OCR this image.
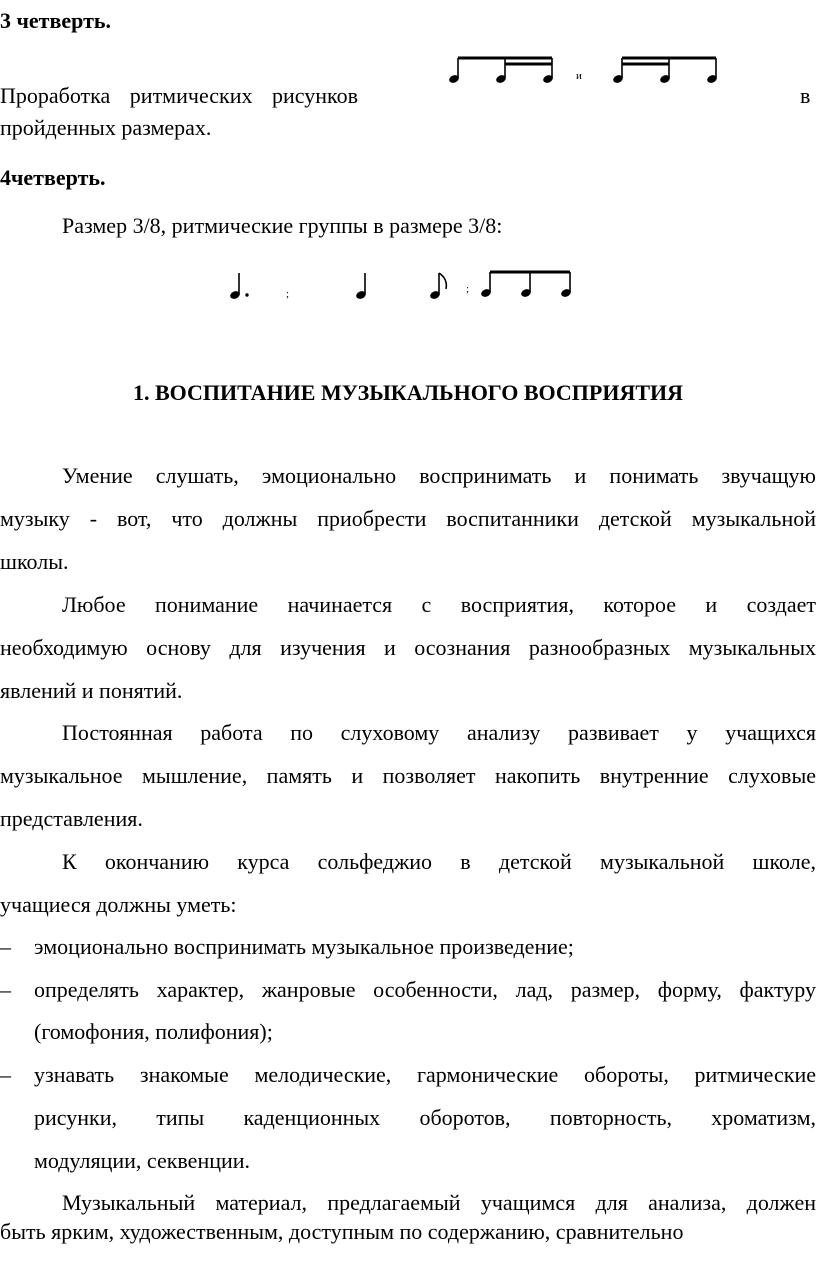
3 четверть.

Проработка ритмических рисунков

и

в

пройденных размерах.

4четверть.

Размер 3/8, ритмические группы в размере 3/8:

;	;

1. ВОСПИТАНИЕ МУЗЫКАЛЬНОГО ВОСПРИЯТИЯ

Умение слушать, эмоционально воспринимать и понимать звучащую

музыку - вот, что должны приобрести воспитанники детской музыкальной

школы.

Любое понимание начинается с восприятия, которое и создает

необходимую основу для изучения и осознания разнообразных музыкальных

явлений и понятий.

Постоянная работа по слуховому анализу развивает у учащихся

музыкальное мышление, память и позволяет накопить внутренние слуховые

представления.

К окончанию курса сольфеджио в детской музыкальной школе,

учащиеся должны уметь:

– эмоционально воспринимать музыкальное произведение;

– определять характер, жанровые особенности, лад, размер, форму, фактуру

(гомофония, полифония);

– узнавать знакомые мелодические, гармонические обороты, ритмические

рисунки, типы каденционных оборотов, повторность, хроматизм,

модуляции, секвенции.

Музыкальный материал, предлагаемый учащимся для анализа, должен

быть ярким, художественным, доступным по содержанию, сравнительно
